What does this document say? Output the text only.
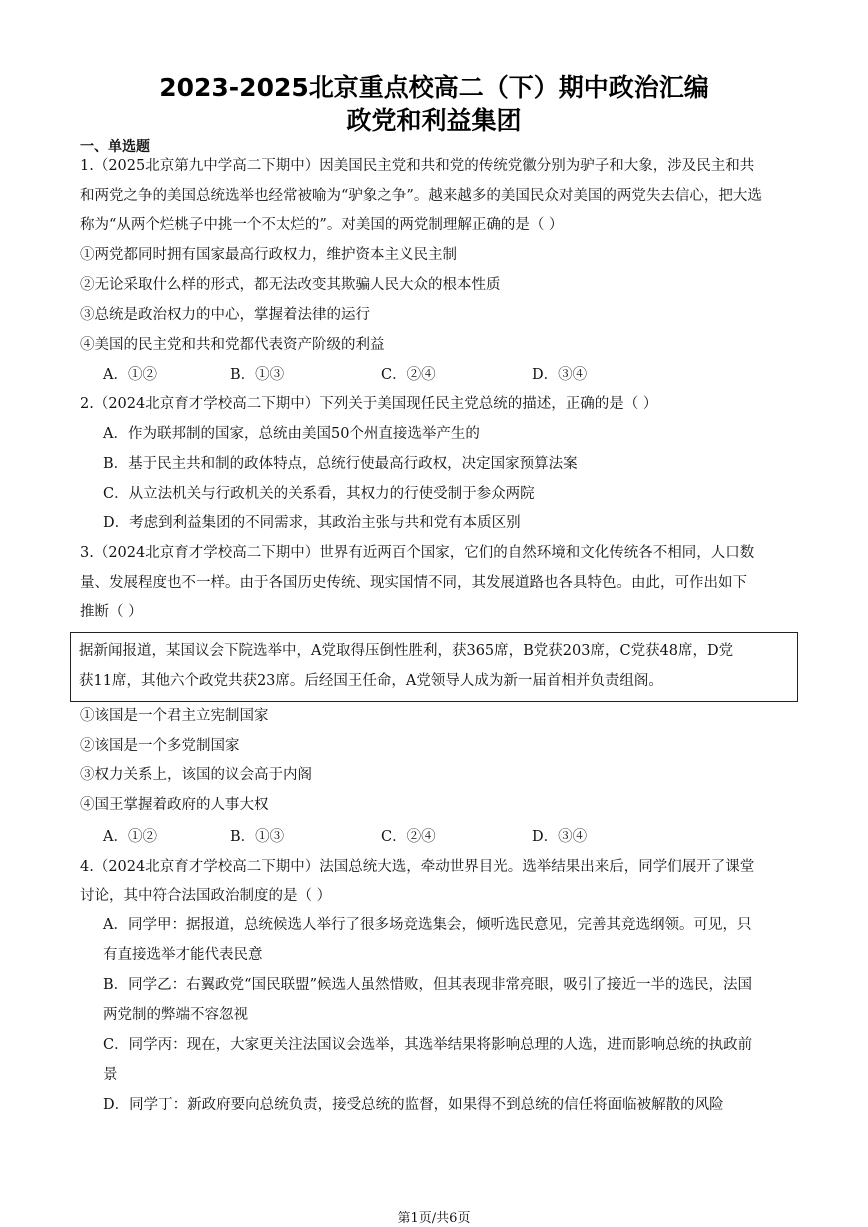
2023-2025北京重点校高二（下）期中政治汇编
政党和利益集团
一、单选题
1.（2025北京第九中学高二下期中）因美国民主党和共和党的传统党徽分别为驴子和大象，涉及民主和共
和两党之争的美国总统选举也经常被喻为“驴象之争”。越来越多的美国民众对美国的两党失去信心，把大选
称为“从两个烂桃子中挑一个不太烂的”。对美国的两党制理解正确的是（ ）
①两党都同时拥有国家最高行政权力，维护资本主义民主制
②无论采取什么样的形式，都无法改变其欺骗人民大众的根本性质
③总统是政治权力的中心，掌握着法律的运行
④美国的民主党和共和党都代表资产阶级的利益
A．①②	B．①③	C．②④	D．③④
2.（2024北京育才学校高二下期中）下列关于美国现任民主党总统的描述，正确的是（ ）
A．作为联邦制的国家，总统由美国50个州直接选举产生的
B．基于民主共和制的政体特点，总统行使最高行政权，决定国家预算法案
C．从立法机关与行政机关的关系看，其权力的行使受制于参众两院
D．考虑到利益集团的不同需求，其政治主张与共和党有本质区别
3.（2024北京育才学校高二下期中）世界有近两百个国家，它们的自然环境和文化传统各不相同，人口数
量、发展程度也不一样。由于各国历史传统、现实国情不同，其发展道路也各具特色。由此，可作出如下
推断（ ）
据新闻报道，某国议会下院选举中，A党取得压倒性胜利，获365席，B党获203席，C党获48席，D党
获11席，其他六个政党共获23席。后经国王任命，A党领导人成为新一届首相并负责组阁。
①该国是一个君主立宪制国家
②该国是一个多党制国家
③权力关系上，该国的议会高于内阁
④国王掌握着政府的人事大权
A．①②	B．①③	C．②④	D．③④
4.（2024北京育才学校高二下期中）法国总统大选，牵动世界目光。选举结果出来后，同学们展开了课堂
讨论，其中符合法国政治制度的是（ ）
A．同学甲：据报道，总统候选人举行了很多场竞选集会，倾听选民意见，完善其竞选纲领。可见，只
有直接选举才能代表民意
B．同学乙：右翼政党“国民联盟”候选人虽然惜败，但其表现非常亮眼，吸引了接近一半的选民，法国
两党制的弊端不容忽视
C．同学丙：现在，大家更关注法国议会选举，其选举结果将影响总理的人选，进而影响总统的执政前
景
D．同学丁：新政府要向总统负责，接受总统的监督，如果得不到总统的信任将面临被解散的风险
第1页/共6页
